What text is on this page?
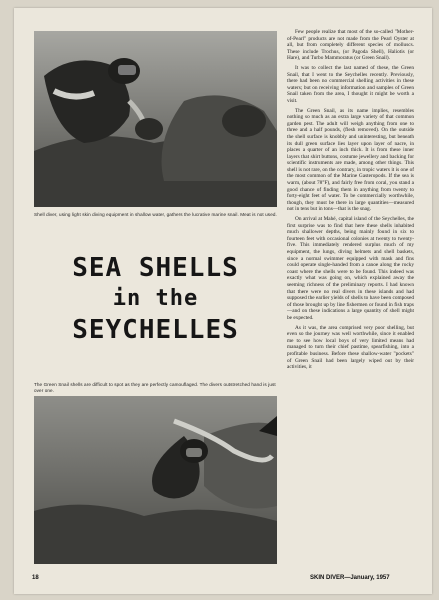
Shell diver, using light skin diving equipment in shallow water, gathers the lucrative marine snail. Meat is not used.
SEA SHELLS
in the
SEYCHELLES
The Green Snail shells are difficult to spot as they are perfectly camouflaged. The divers outstretched hand is just over one.

Few people realize that most of the so-called "Mother-of-Pearl" products are not made from the Pearl Oyster at all, but from completely different species of molluscs. These include Trochus, (or Pagoda Shell), Haliotis (or Hare), and Turbo Mammoratus (or Green Snail).

It was to collect the last named of these, the Green Snail, that I went to the Seychelles recently. Previously, there had been no commercial shelling activities in these waters; but on receiving information and samples of Green Snail taken from the area, I thought it might be worth a visit.

The Green Snail, as its name implies, resembles nothing so much as an extra large variety of that common garden pest. The adult will weigh anything from one to three and a half pounds, (flesh removed). On the outside the shell surface is knobbly and uninteresting, but beneath its dull green surface lies layer upon layer of nacre, in places a quarter of an inch thick. It is from these inner layers that shirt buttons, costume jewellery and backing for scientific instruments are made, among other things. This shell is not rare, on the contrary, in tropic waters it is one of the most common of the Marine Gasteropods. If the sea is warm, (about 78°F), and fairly free from coral, you stand a good chance of finding them in anything from twenty to forty-eight feet of water. To be commercially worthwhile, though, they must be there in large quantities—measured not in tens but in tons—that is the snag.

On arrival at Mahé, capital island of the Seychelles, the first surprise was to find that here these shells inhabited much shallower depths, being mainly found in six to fourteen feet with occasional colonies at twenty to twenty-five. This immediately rendered surplus much of my equipment, the lungs, diving helmets and shell baskets, since a normal swimmer equipped with mask and fins could operate single-handed from a canoe along the rocky coast where the shells were to be found. This indeed was exactly what was going on, which explained away the seeming richness of the preliminary reports. I had known that there were no real divers in these islands and had supposed the earlier yields of shells to have been composed of those brought up by line fishermen or found in fish traps—and on these indications a large quantity of shell might be expected.

As it was, the area comprised very poor shelling, but even so the journey was well worthwhile, since it enabled me to see how local boys of very limited means had managed to turn their chief pastime, spearfishing, into a profitable business. Before these shallow-water "pockets" of Green Snail had been largely wiped out by their activities, it

18	SKIN DIVER—January, 1957
